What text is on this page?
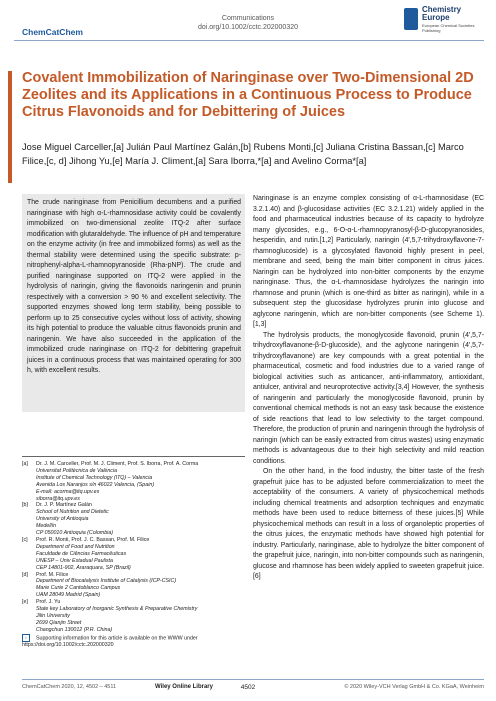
ChemCatChem
Communications
doi.org/10.1002/cctc.202000320
Chemistry
Europe
European Chemical Societies Publishing
Covalent Immobilization of Naringinase over Two-Dimensional 2D Zeolites and its Applications in a Continuous Process to Produce Citrus Flavonoids and for Debittering of Juices
Jose Miguel Carceller,[a] Julián Paul Martínez Galán,[b] Rubens Monti,[c] Juliana Cristina Bassan,[c] Marco Filice,[c, d] Jihong Yu,[e] María J. Climent,[a] Sara Iborra,*[a] and Avelino Corma*[a]
The crude naringinase from Penicillium decumbens and a purified naringinase with high α-L-rhamnosidase activity could be covalently immobilized on two-dimensional zeolite ITQ-2 after surface modification with glutaraldehyde. The influence of pH and temperature on the enzyme activity (in free and immobilized forms) as well as the thermal stability were determined using the specific substrate: p-nitrophenyl-alpha-L-rhamnopyranoside (Rha-pNP). The crude and purified naringinase supported on ITQ-2 were applied in the hydrolysis of naringin, giving the flavonoids naringenin and prunin respectively with a conversion > 90 % and excellent selectivity. The supported enzymes showed long term stability, being possible to perform up to 25 consecutive cycles without loss of activity, showing its high potential to produce the valuable citrus flavonoids prunin and naringenin. We have also succeeded in the application of the immobilized crude naringinase on ITQ-2 for debittering grapefruit juices in a continuous process that was maintained operating for 300 h, with excellent results.
[a] Dr. J. M. Carceller, Prof. M. J. Climent, Prof. S. Iborra, Prof. A. Corma
Universitat Politècnica de València
Institute of Chemical Technology (ITQ) – Valencia
Avenida Los Naranjos s/n 46022 Valencia, (Spain)
E-mail: acorma@itq.upv.es
siborra@itq.upv.es
[b] Dr. J. P. Martínez Galán
School of Nutrition and Dietetic
University of Antioquia
Medellín
CP 050010 Antioquia (Colombia)
[c] Prof. R. Monti, Prof. J. C. Bassan, Prof. M. Filice
Department of Food and Nutrition
Faculdade de Ciências Farmacêuticas
UNESP – Univ Estadual Paulista
CEP 14801-902, Araraquara, SP (Brazil)
[d] Prof. M. Filice
Department of Biocatalysis Institute of Catalysis (ICP-CSIC)
Marie Curie 2 Cantoblanco Campus
UAM 28049 Madrid (Spain)
[e] Prof. J. Yu
State key Laboratory of Inorganic Synthesis & Preparative Chemistry
Jilin University
2699 Qianjin Street
Changchun 130012 (P.R. China)
i Supporting information for this article is available on the WWW under https://doi.org/10.1002/cctc.202000320

Naringinase is an enzyme complex consisting of α-L-rhamnosidase (EC 3.2.1.40) and β-glucosidase activities (EC 3.2.1.21) widely applied in the food and pharmaceutical industries because of its capacity to hydrolyze many glycosides, e.g., 6-O-α-L-rhamnopyranosyl-β-D-glucopyranosides, hesperidin, and rutin.[1,2] Particularly, naringin (4′,5,7-trihydroxyflavone-7-rhamnoglucoside) is a glycosylated flavonoid highly present in peel, membrane and seed, being the main bitter component in citrus juices. Naringin can be hydrolyzed into non-bitter components by the enzyme naringinase. Thus, the α-L-rhamnosidase hydrolyzes the naringin into rhamnose and prunin (which is one-third as bitter as naringin), while in a subsequent step the glucosidase hydrolyzes prunin into glucose and aglycone naringenin, which are non-bitter components (see Scheme 1).[1,3]

The hydrolysis products, the monoglycoside flavonoid, prunin (4′,5,7-trihydroxyflavanone-β-D-glucoside), and the aglycone naringenin (4′,5,7-trihydroxyflavanone) are key compounds with a great potential in the pharmaceutical, cosmetic and food industries due to a varied range of biological activities such as anticancer, anti-inflammatory, antioxidant, antiulcer, antiviral and neuroprotective activity.[3,4] However, the synthesis of naringenin and particularly the monoglycoside flavonoid, prunin by conventional chemical methods is not an easy task because the existence of side reactions that lead to low selectivity to the target compound. Therefore, the production of prunin and naringenin through the hydrolysis of naringin (which can be easily extracted from citrus wastes) using enzymatic methods is advantageous due to their high selectivity and mild reaction conditions.

On the other hand, in the food industry, the bitter taste of the fresh grapefruit juice has to be adjusted before commercialization to meet the acceptability of the consumers. A variety of physicochemical methods including chemical treatments and adsorption techniques and enzymatic methods have been used to reduce bitterness of these juices.[5] While physicochemical methods can result in a loss of organoleptic properties of the citrus juices, the enzymatic methods have showed high potential for industry. Particularly, naringinase, able to hydrolyze the bitter component of the grapefruit juice, naringin, into non-bitter compounds such as naringenin, glucose and rhamnose has been widely applied to sweeten grapefruit juice.[6]

ChemCatChem 2020, 12, 4502 – 4511	Wiley Online Library	4502	© 2020 Wiley-VCH Verlag GmbH & Co. KGaA, Weinheim
